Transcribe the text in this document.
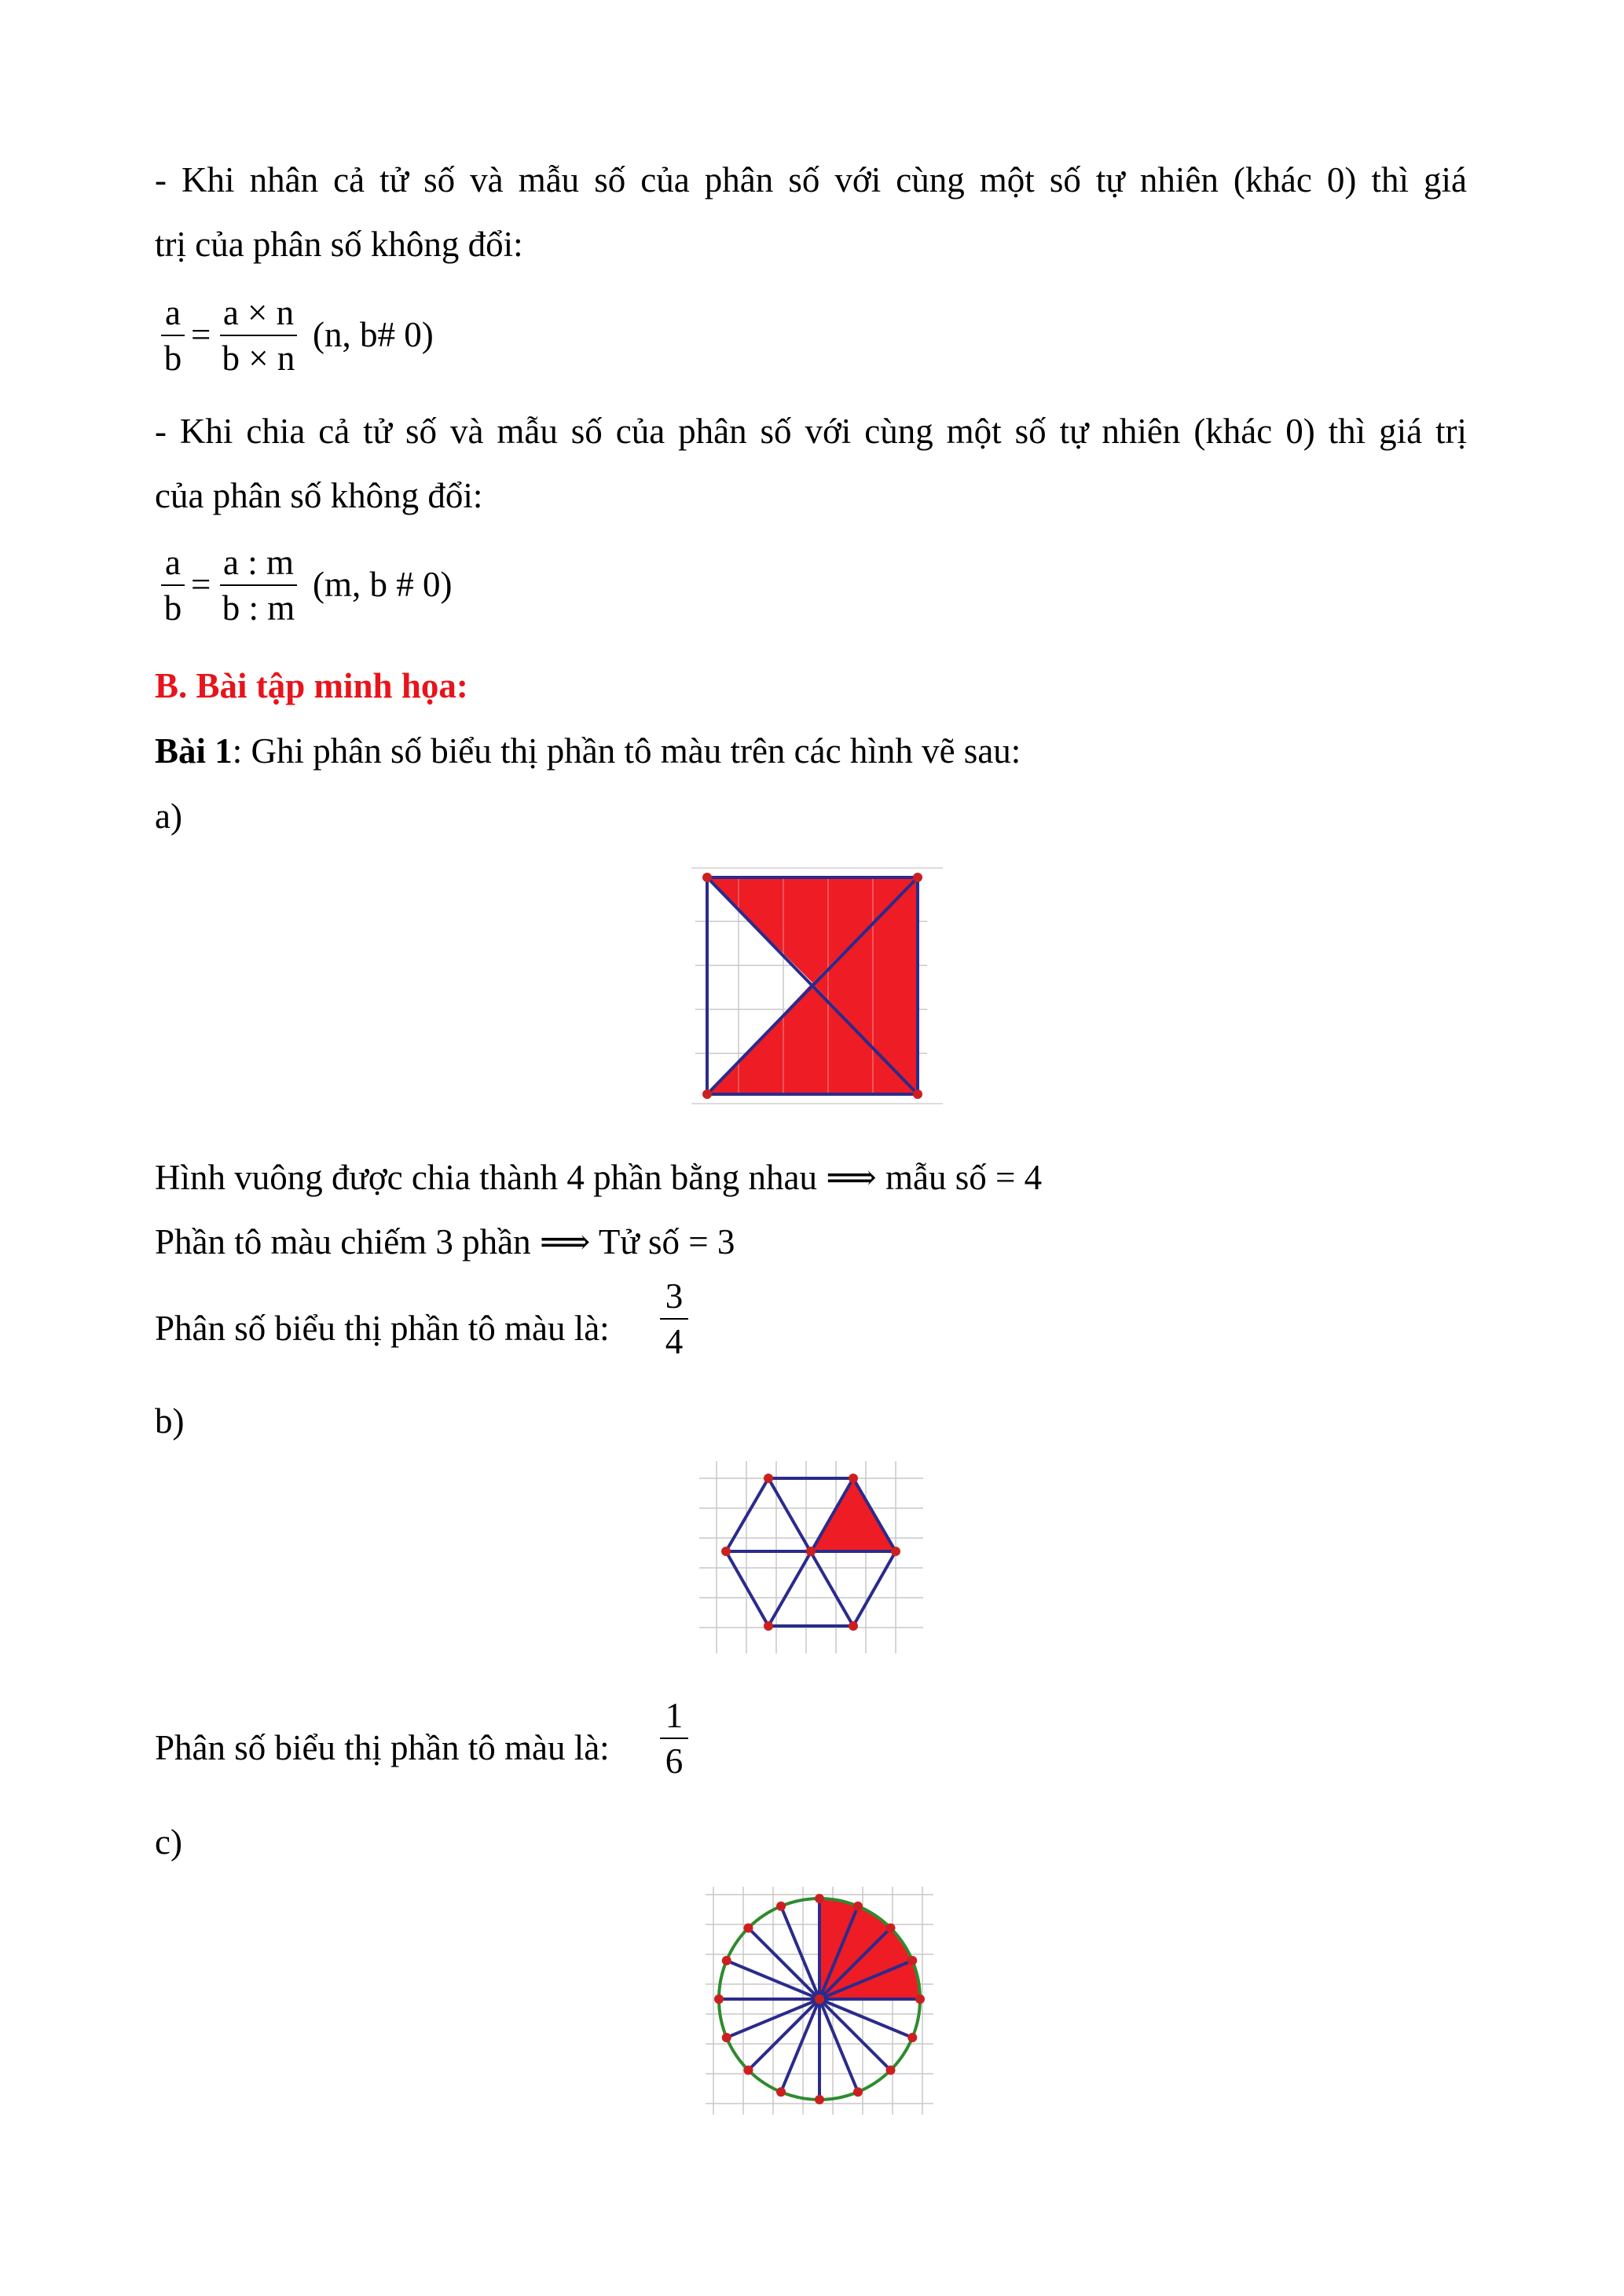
- Khi nhân cả tử số và mẫu số của phân số với cùng một số tự nhiên (khác 0) thì giá
trị của phân số không đổi:
a
b
=
a × n
b × n
(n, b# 0)
- Khi chia cả tử số và mẫu số của phân số với cùng một số tự nhiên (khác 0) thì giá trị
của phân số không đổi:
a
b
=
a : m
b : m
(m, b # 0)
B. Bài tập minh họa:
Bài 1: Ghi phân số biểu thị phần tô màu trên các hình vẽ sau:
a)
Hình vuông được chia thành 4 phần bằng nhau ⟹ mẫu số = 4
Phần tô màu chiếm 3 phần ⟹ Tử số = 3
Phân số biểu thị phần tô màu là:
3
4
b)
Phân số biểu thị phần tô màu là:
1
6
c)
